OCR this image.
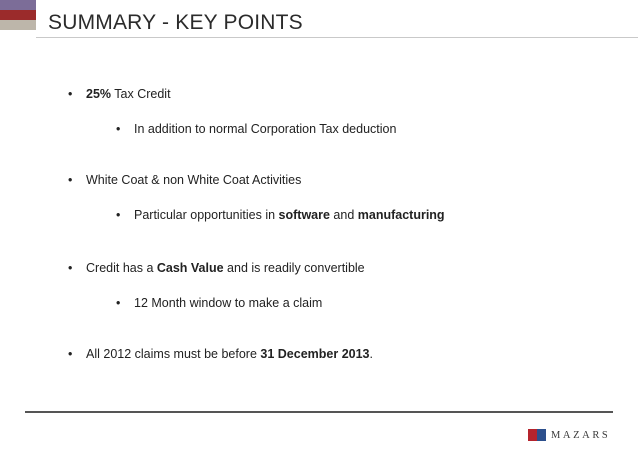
SUMMARY - KEY POINTS
• 25% Tax Credit
• In addition to normal Corporation Tax deduction
• White Coat & non White Coat Activities
• Particular opportunities in software and manufacturing
• Credit has a Cash Value and is readily convertible
• 12 Month window to make a claim
• All 2012 claims must be before 31 December 2013.
MAZARS
